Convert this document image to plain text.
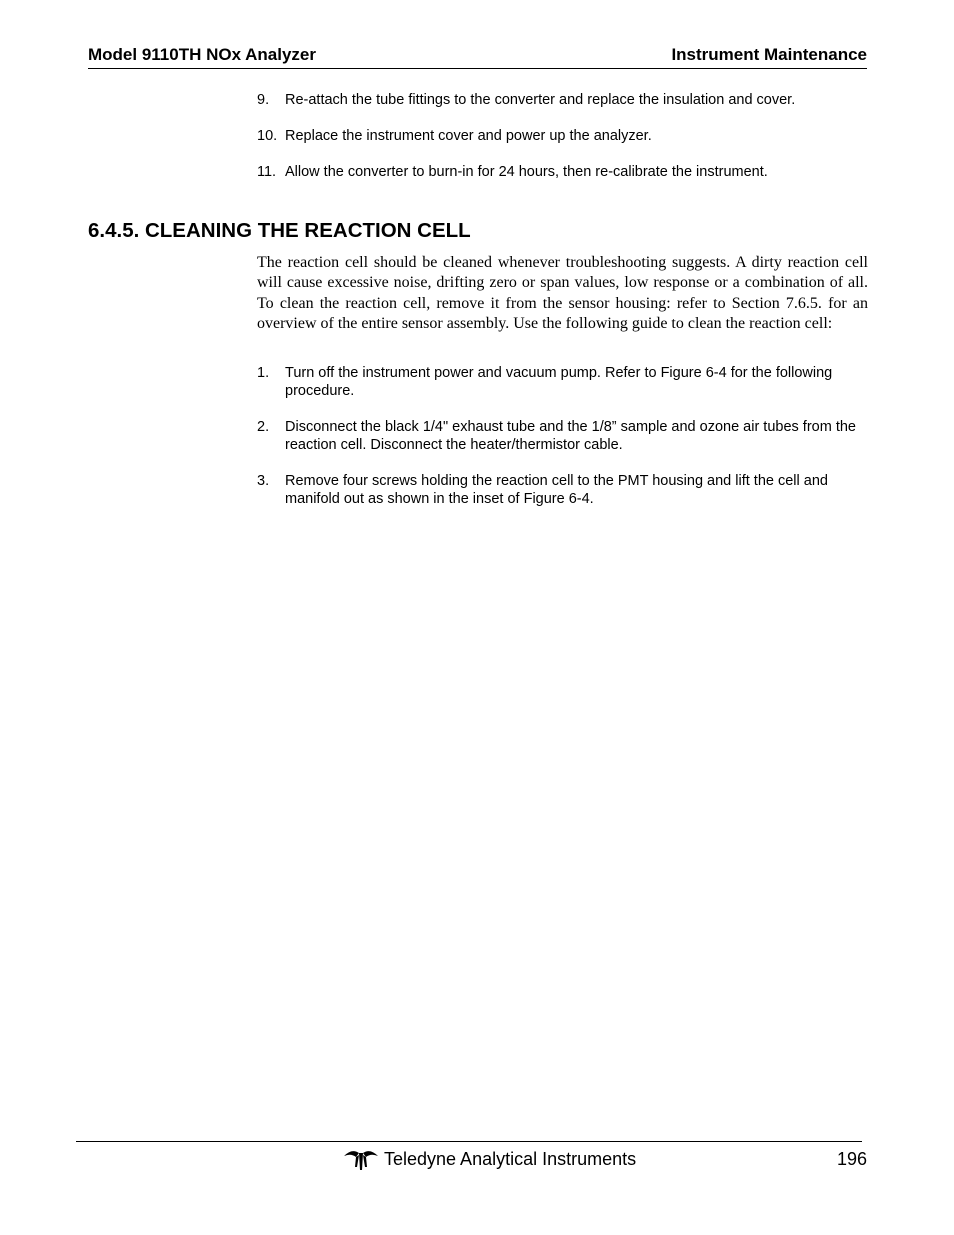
Model 9110TH NOx Analyzer	Instrument Maintenance
9. Re-attach the tube fittings to the converter and replace the insulation and cover.
10. Replace the instrument cover and power up the analyzer.
11. Allow the converter to burn-in for 24 hours, then re-calibrate the instrument.
6.4.5. CLEANING THE REACTION CELL

The reaction cell should be cleaned whenever troubleshooting suggests. A dirty reaction cell will cause excessive noise, drifting zero or span values, low response or a combination of all. To clean the reaction cell, remove it from the sensor housing: refer to Section 7.6.5. for an overview of the entire sensor assembly. Use the following guide to clean the reaction cell:

1. Turn off the instrument power and vacuum pump. Refer to Figure 6-4 for the following procedure.
2. Disconnect the black 1/4" exhaust tube and the 1/8” sample and ozone air tubes from the reaction cell. Disconnect the heater/thermistor cable.
3. Remove four screws holding the reaction cell to the PMT housing and lift the cell and manifold out as shown in the inset of Figure 6-4.
Teledyne Analytical Instruments	196
